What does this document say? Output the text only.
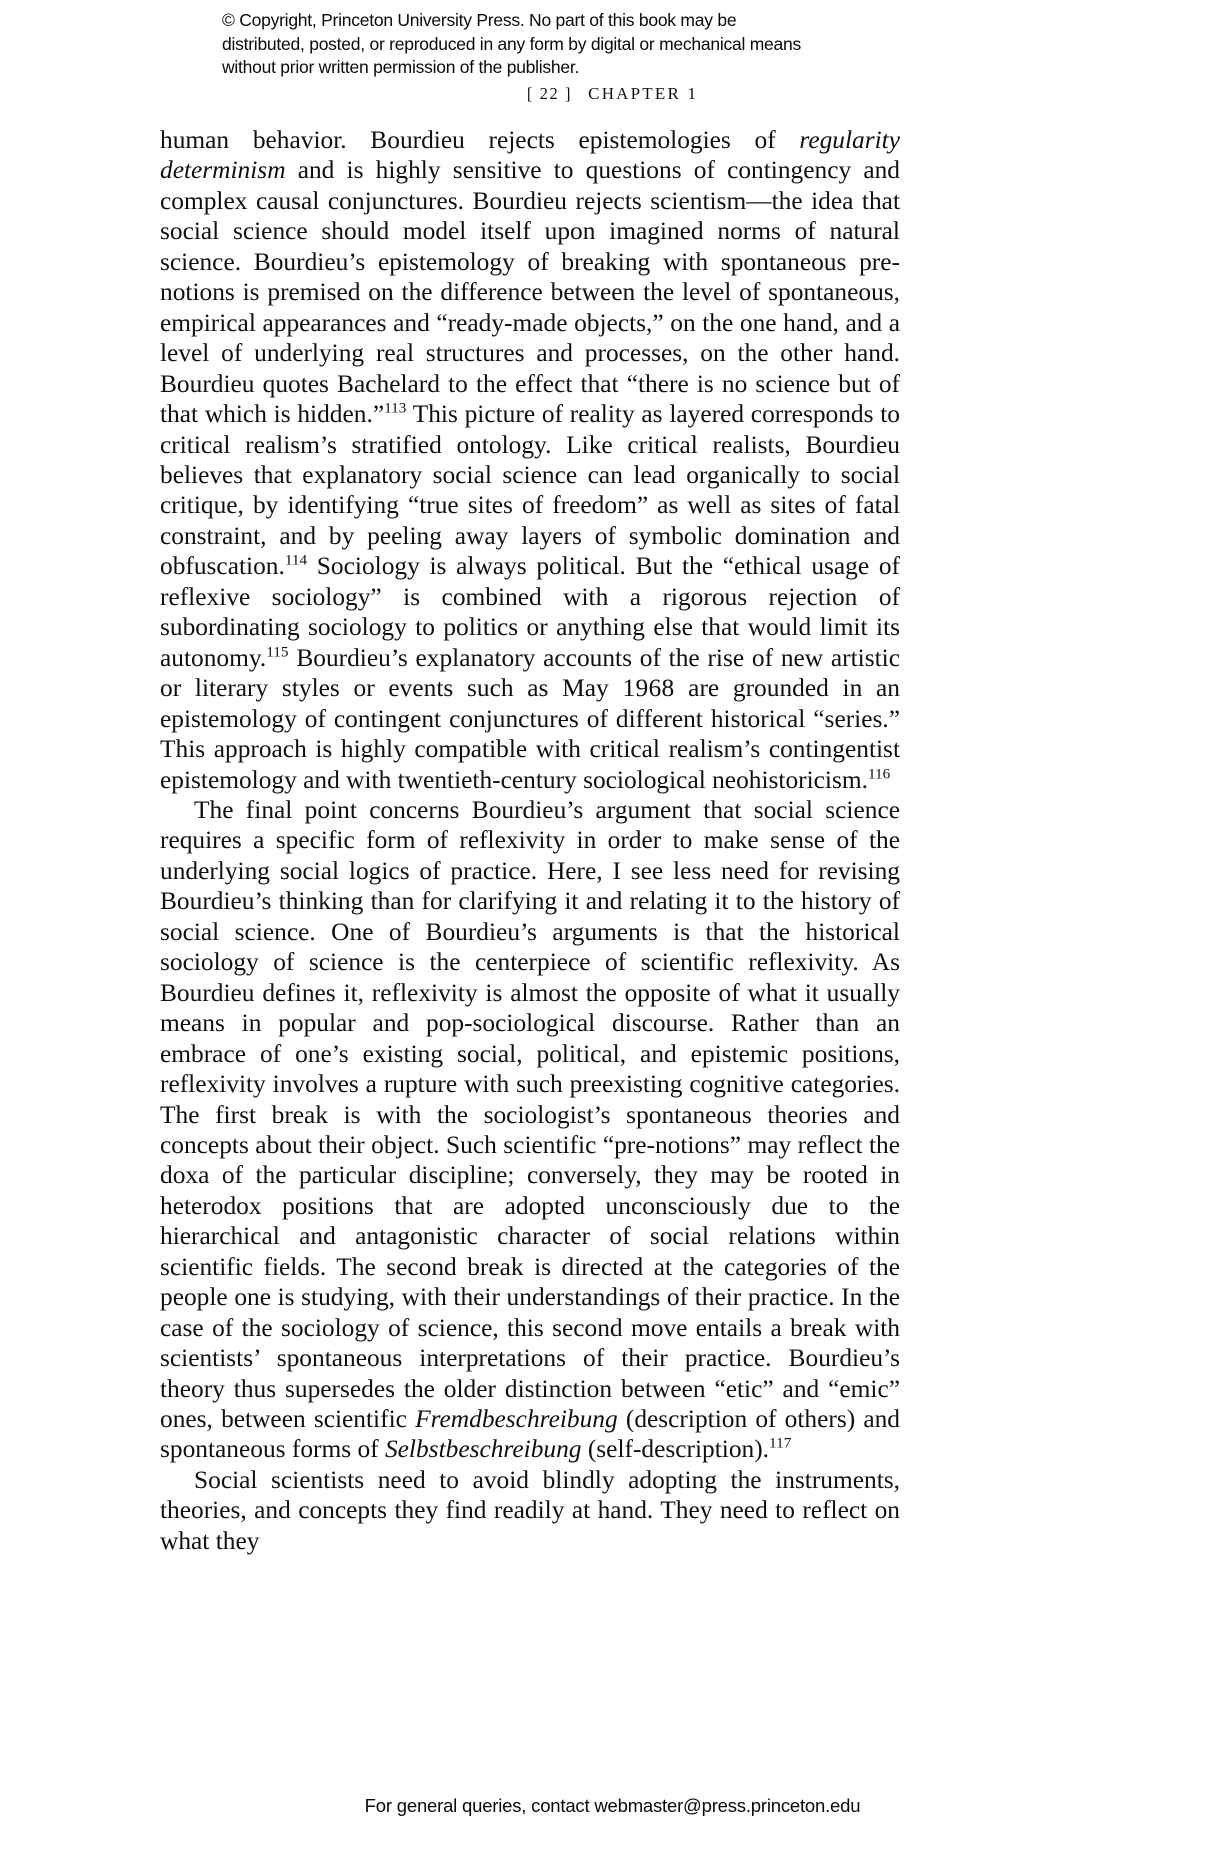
© Copyright, Princeton University Press. No part of this book may be distributed, posted, or reproduced in any form by digital or mechanical means without prior written permission of the publisher.
[ 22 ] CHAPTER 1

human behavior. Bourdieu rejects epistemologies of regularity determinism and is highly sensitive to questions of contingency and complex causal conjunctures. Bourdieu rejects scientism—the idea that social science should model itself upon imagined norms of natural science. Bourdieu’s epistemology of breaking with spontaneous pre-notions is premised on the difference between the level of spontaneous, empirical appearances and “ready-made objects,” on the one hand, and a level of underlying real structures and processes, on the other hand. Bourdieu quotes Bachelard to the effect that “there is no science but of that which is hidden.”$^{113}$ This picture of reality as layered corresponds to critical realism’s stratified ontology. Like critical realists, Bourdieu believes that explanatory social science can lead organically to social critique, by identifying “true sites of freedom” as well as sites of fatal constraint, and by peeling away layers of symbolic domination and obfuscation.$^{114}$ Sociology is always political. But the “ethical usage of reflexive sociology” is combined with a rigorous rejection of subordinating sociology to politics or anything else that would limit its autonomy.$^{115}$ Bourdieu’s explanatory accounts of the rise of new artistic or literary styles or events such as May 1968 are grounded in an epistemology of contingent conjunctures of different historical “series.” This approach is highly compatible with critical realism’s contingentist epistemology and with twentieth-century sociological neohistoricism.$^{116}$

The final point concerns Bourdieu’s argument that social science requires a specific form of reflexivity in order to make sense of the underlying social logics of practice. Here, I see less need for revising Bourdieu’s thinking than for clarifying it and relating it to the history of social science. One of Bourdieu’s arguments is that the historical sociology of science is the centerpiece of scientific reflexivity. As Bourdieu defines it, reflexivity is almost the opposite of what it usually means in popular and pop-sociological discourse. Rather than an embrace of one’s existing social, political, and epistemic positions, reflexivity involves a rupture with such preexisting cognitive categories. The first break is with the sociologist’s spontaneous theories and concepts about their object. Such scientific “pre-notions” may reflect the doxa of the particular discipline; conversely, they may be rooted in heterodox positions that are adopted unconsciously due to the hierarchical and antagonistic character of social relations within scientific fields. The second break is directed at the categories of the people one is studying, with their understandings of their practice. In the case of the sociology of science, this second move entails a break with scientists’ spontaneous interpretations of their practice. Bourdieu’s theory thus supersedes the older distinction between “etic” and “emic” ones, between scientific Fremdbeschreibung (description of others) and spontaneous forms of Selbstbeschreibung (self-description).$^{117}$

Social scientists need to avoid blindly adopting the instruments, theories, and concepts they find readily at hand. They need to reflect on what they

For general queries, contact webmaster@press.princeton.edu
